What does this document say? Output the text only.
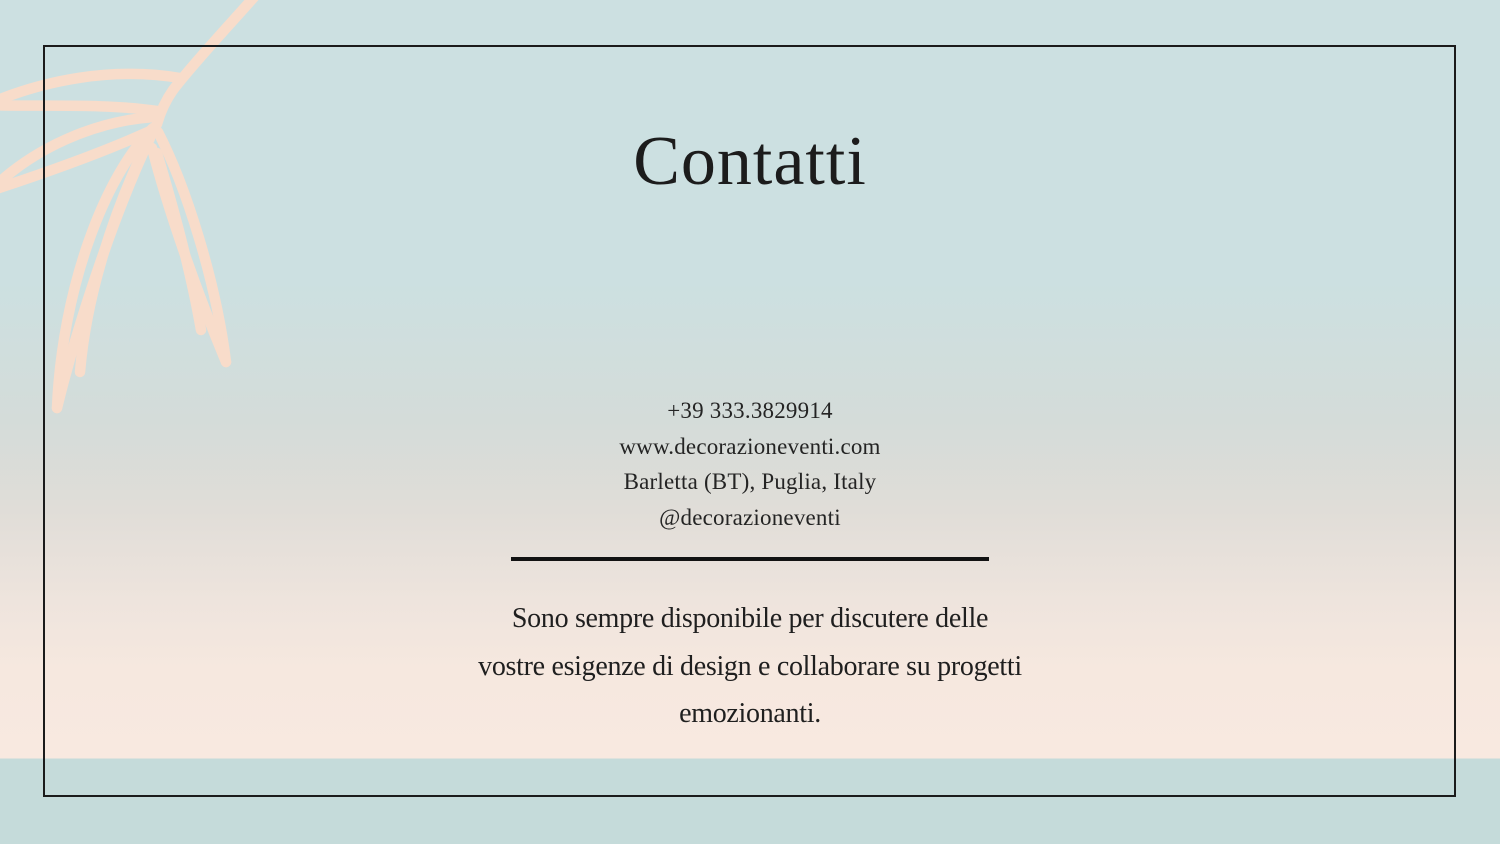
Contatti
+39 333.3829914
www.decorazioneventi.com
Barletta (BT), Puglia, Italy
@decorazioneventi
Sono sempre disponibile per discutere delle
vostre esigenze di design e collaborare su progetti
emozionanti.
